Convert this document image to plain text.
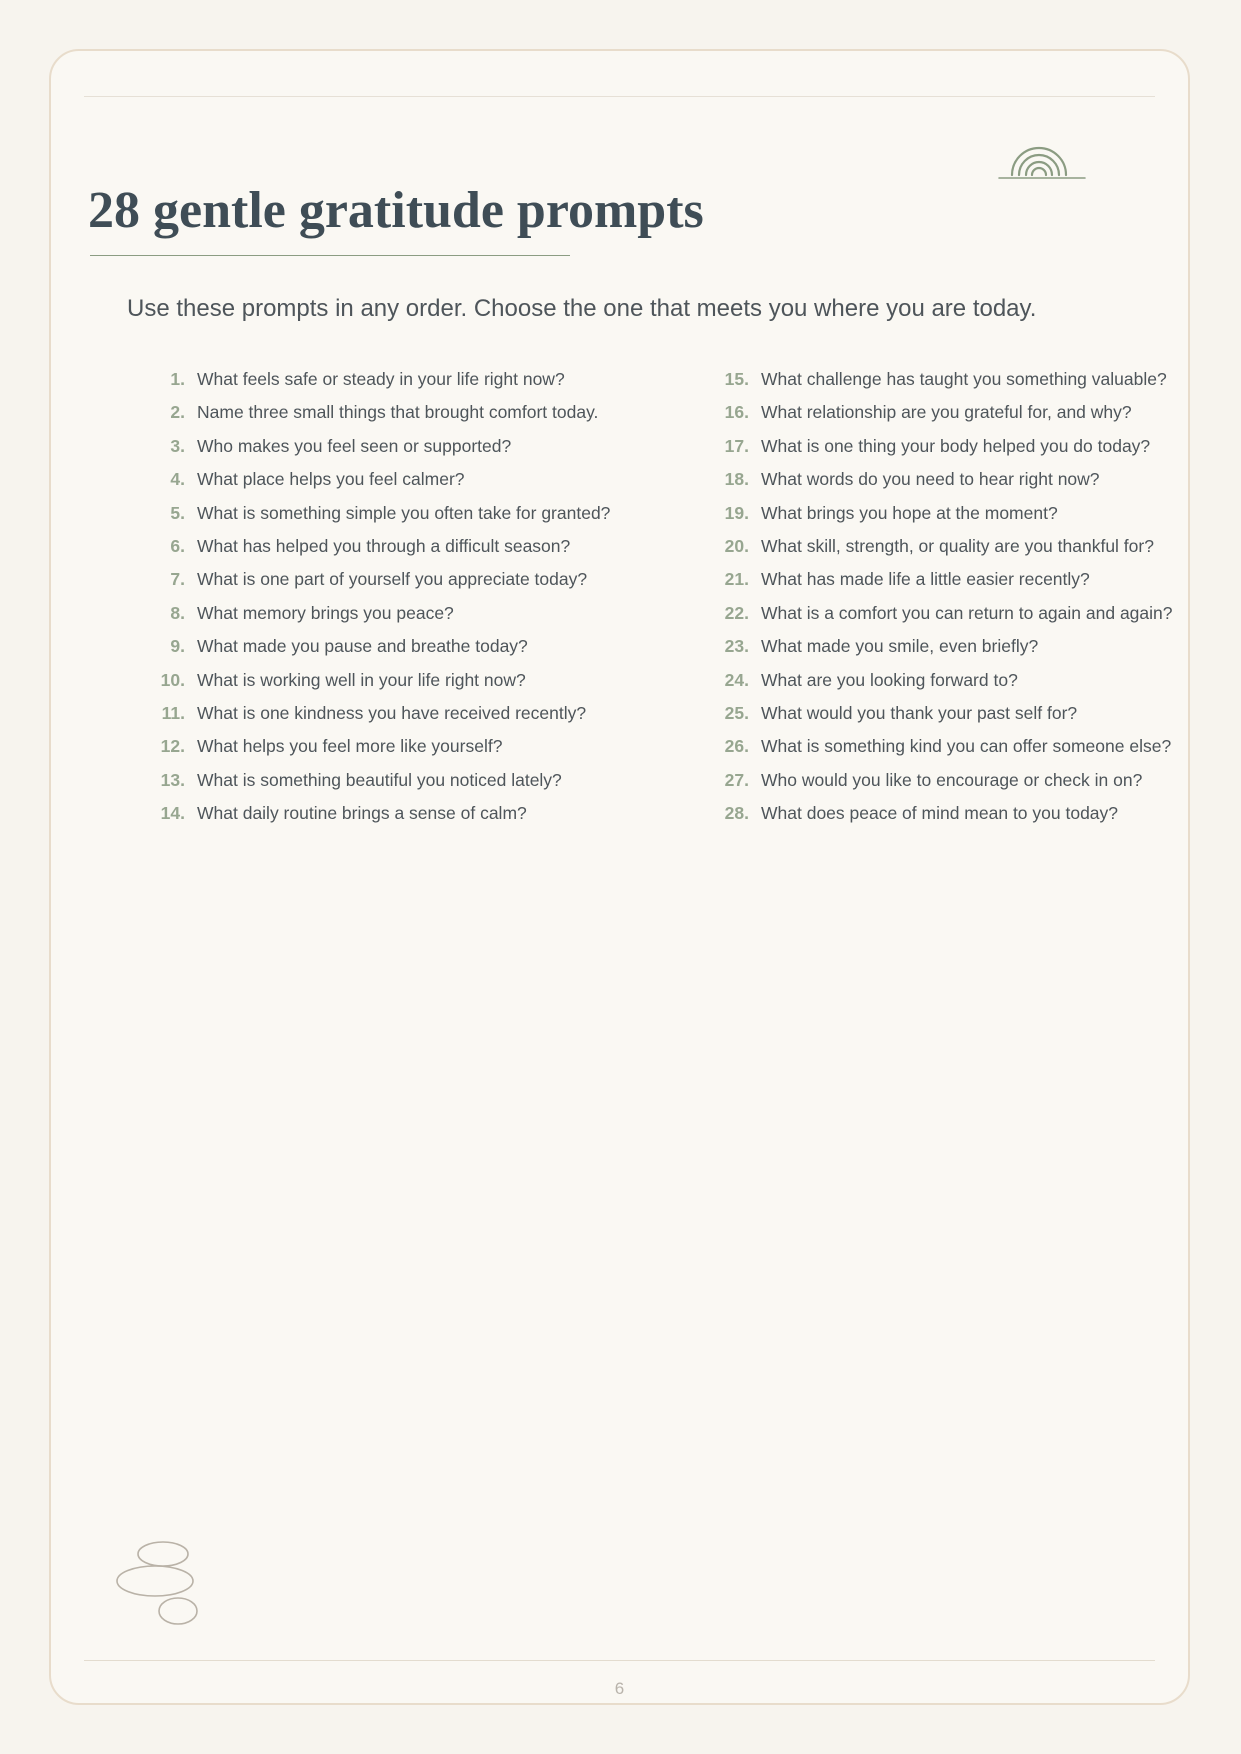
28 gentle gratitude prompts

Use these prompts in any order. Choose the one that meets you where you are today.

1. What feels safe or steady in your life right now?
2. Name three small things that brought comfort today.
3. Who makes you feel seen or supported?
4. What place helps you feel calmer?
5. What is something simple you often take for granted?
6. What has helped you through a difficult season?
7. What is one part of yourself you appreciate today?
8. What memory brings you peace?
9. What made you pause and breathe today?
10. What is working well in your life right now?
11. What is one kindness you have received recently?
12. What helps you feel more like yourself?
13. What is something beautiful you noticed lately?
14. What daily routine brings a sense of calm?
15. What challenge has taught you something valuable?
16. What relationship are you grateful for, and why?
17. What is one thing your body helped you do today?
18. What words do you need to hear right now?
19. What brings you hope at the moment?
20. What skill, strength, or quality are you thankful for?
21. What has made life a little easier recently?
22. What is a comfort you can return to again and again?
23. What made you smile, even briefly?
24. What are you looking forward to?
25. What would you thank your past self for?
26. What is something kind you can offer someone else?
27. Who would you like to encourage or check in on?
28. What does peace of mind mean to you today?
6
